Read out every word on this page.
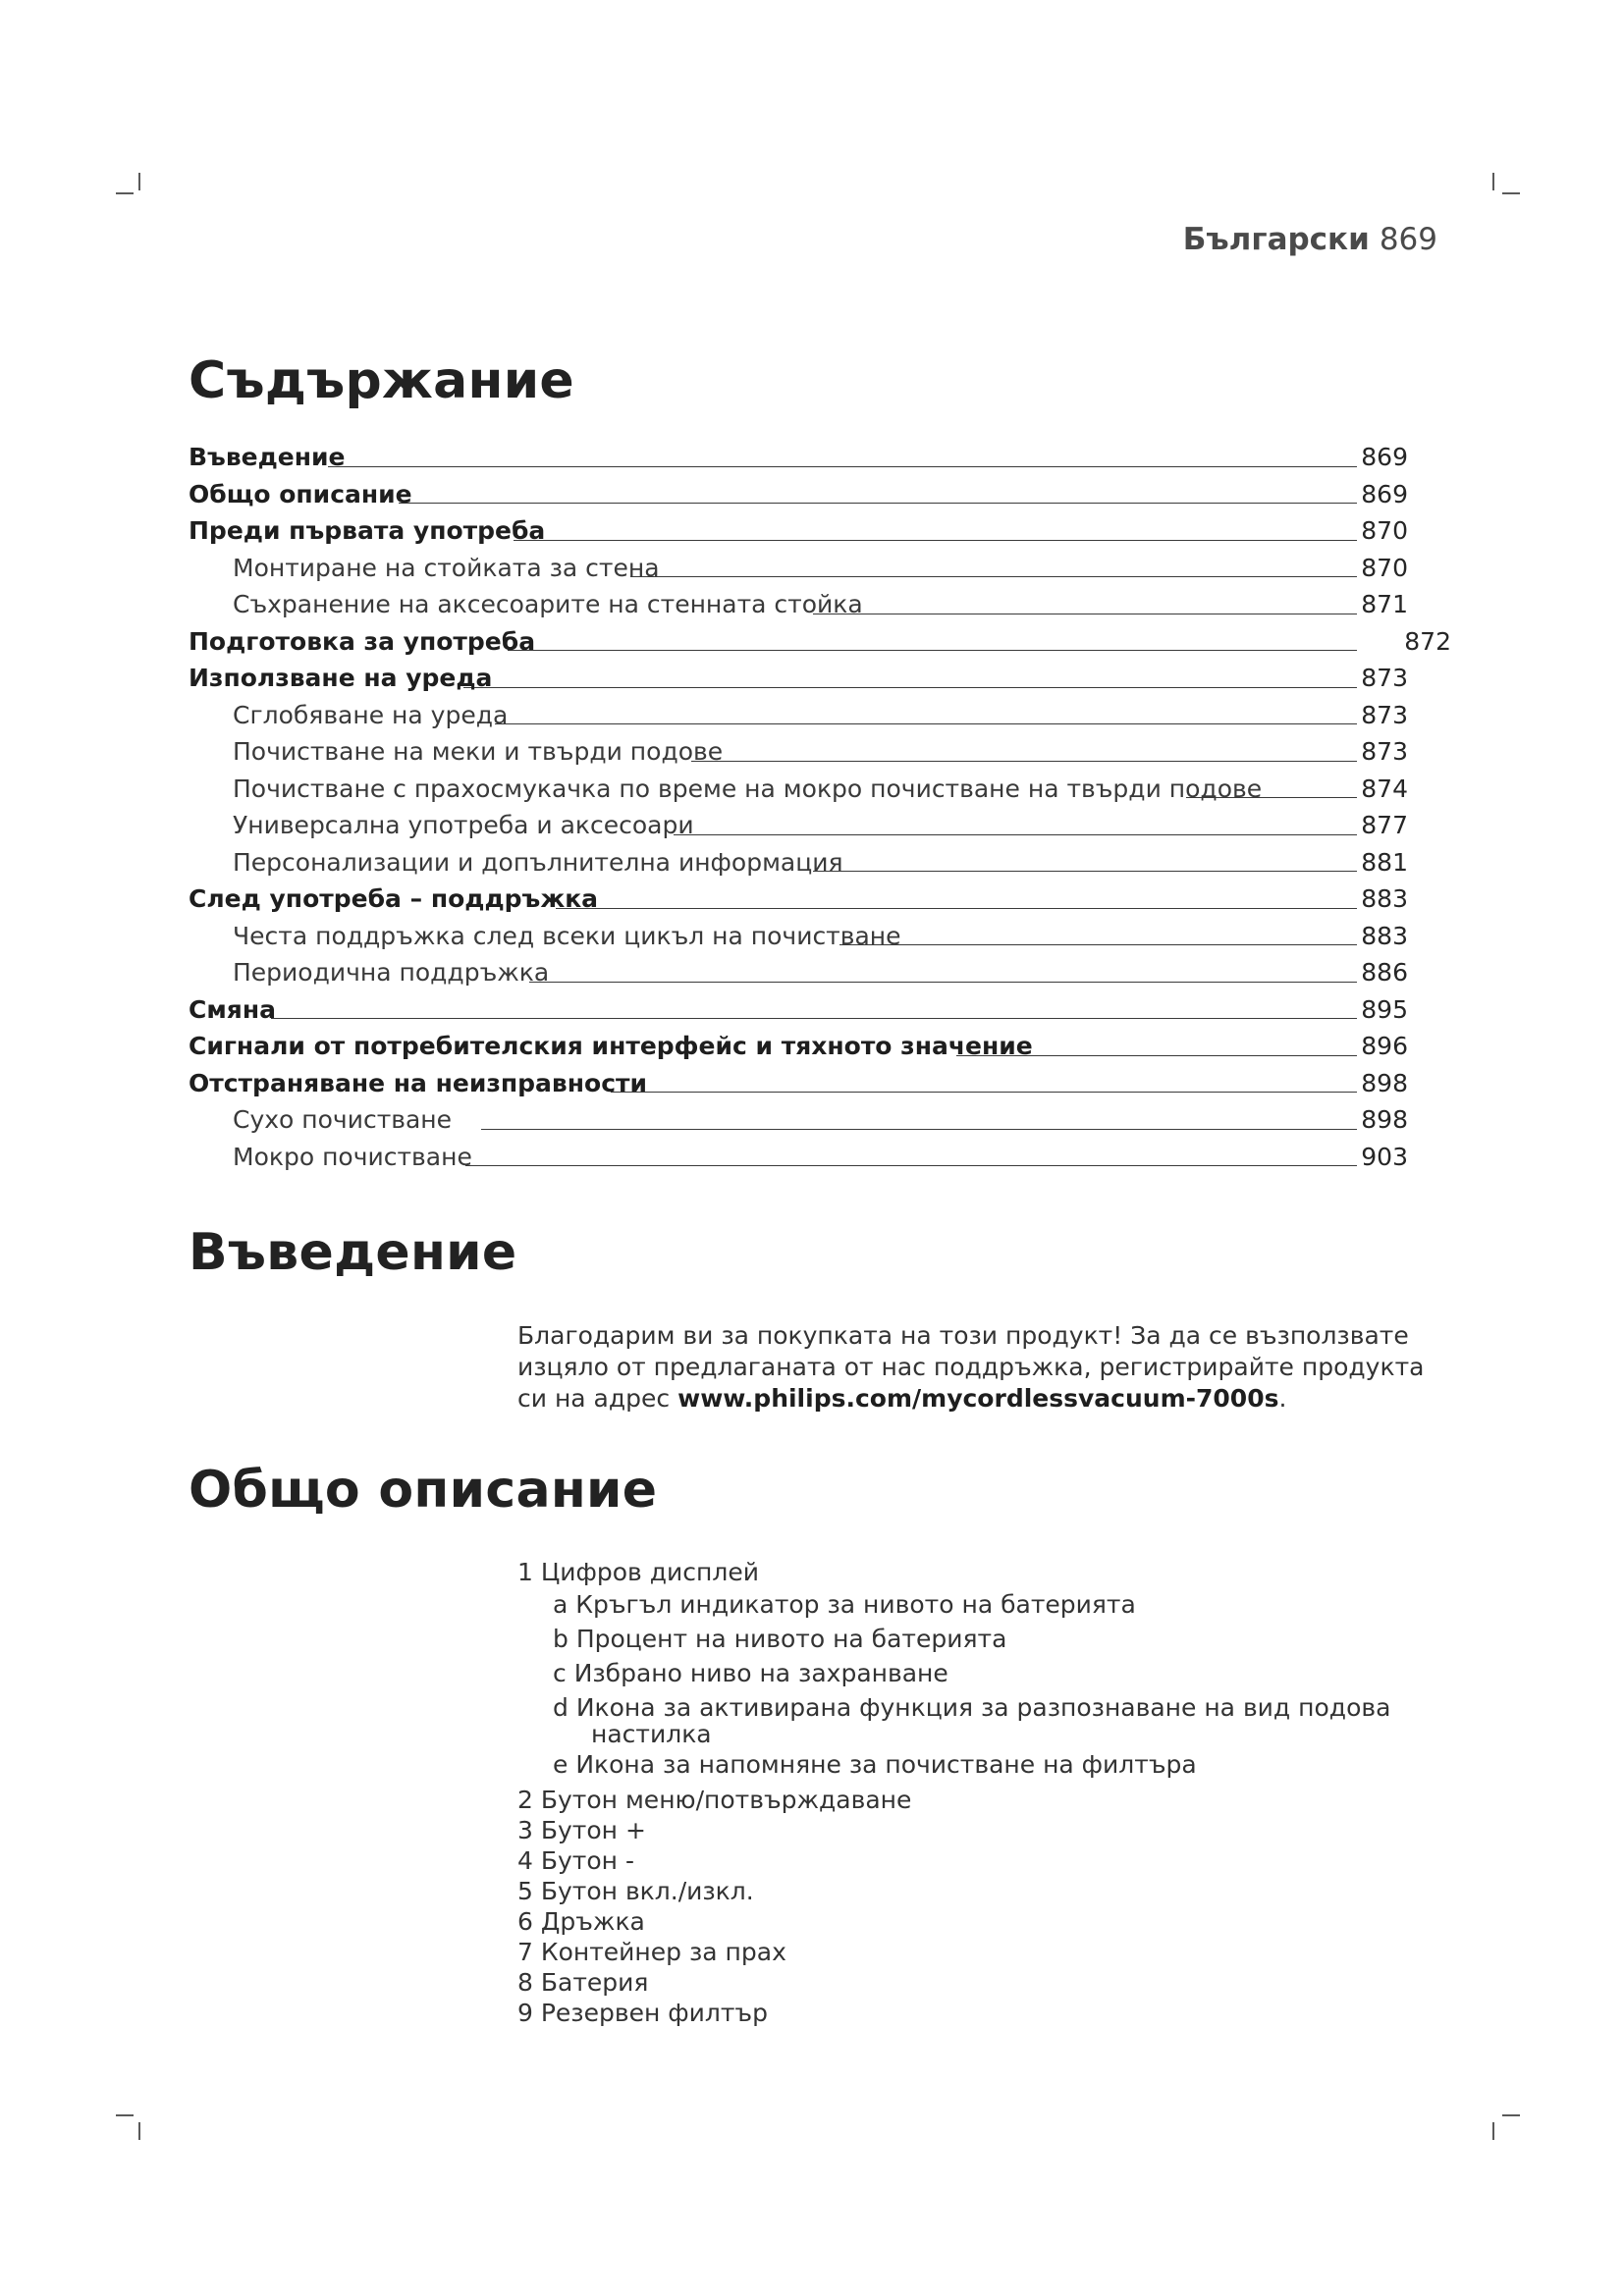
Български 869
Съдържание
Въведение	869
Общо описание	869
Преди първата употреба	870
Монтиране на стойката за стена	870
Съхранение на аксесоарите на стенната стойка	871
Подготовка за употреба	872
Използване на уреда	873
Сглобяване на уреда	873
Почистване на меки и твърди подове	873
Почистване с прахосмукачка по време на мокро почистване на твърди подове	874
Универсална употреба и аксесоари	877
Персонализации и допълнителна информация	881
След употреба – поддръжка	883
Честа поддръжка след всеки цикъл на почистване	883
Периодична поддръжка	886
Смяна	895
Сигнали от потребителския интерфейс и тяхното значение	896
Отстраняване на неизправности	898
Сухо почистване	898
Мокро почистване	903
Въведение

Благодарим ви за покупката на този продукт! За да се възползвате изцяло от предлаганата от нас поддръжка, регистрирайте продукта си на адрес www.philips.com/mycordlessvacuum-7000s.

Общо описание
1 Цифров дисплей
a Кръгъл индикатор за нивото на батерията
b Процент на нивото на батерията
c Избрано ниво на захранване
d Икона за активирана функция за разпознаване на вид подова
настилка
e Икона за напомняне за почистване на филтъра
2 Бутон меню/потвърждаване
3 Бутон +
4 Бутон -
5 Бутон вкл./изкл.
6 Дръжка
7 Контейнер за прах
8 Батерия
9 Резервен филтър
